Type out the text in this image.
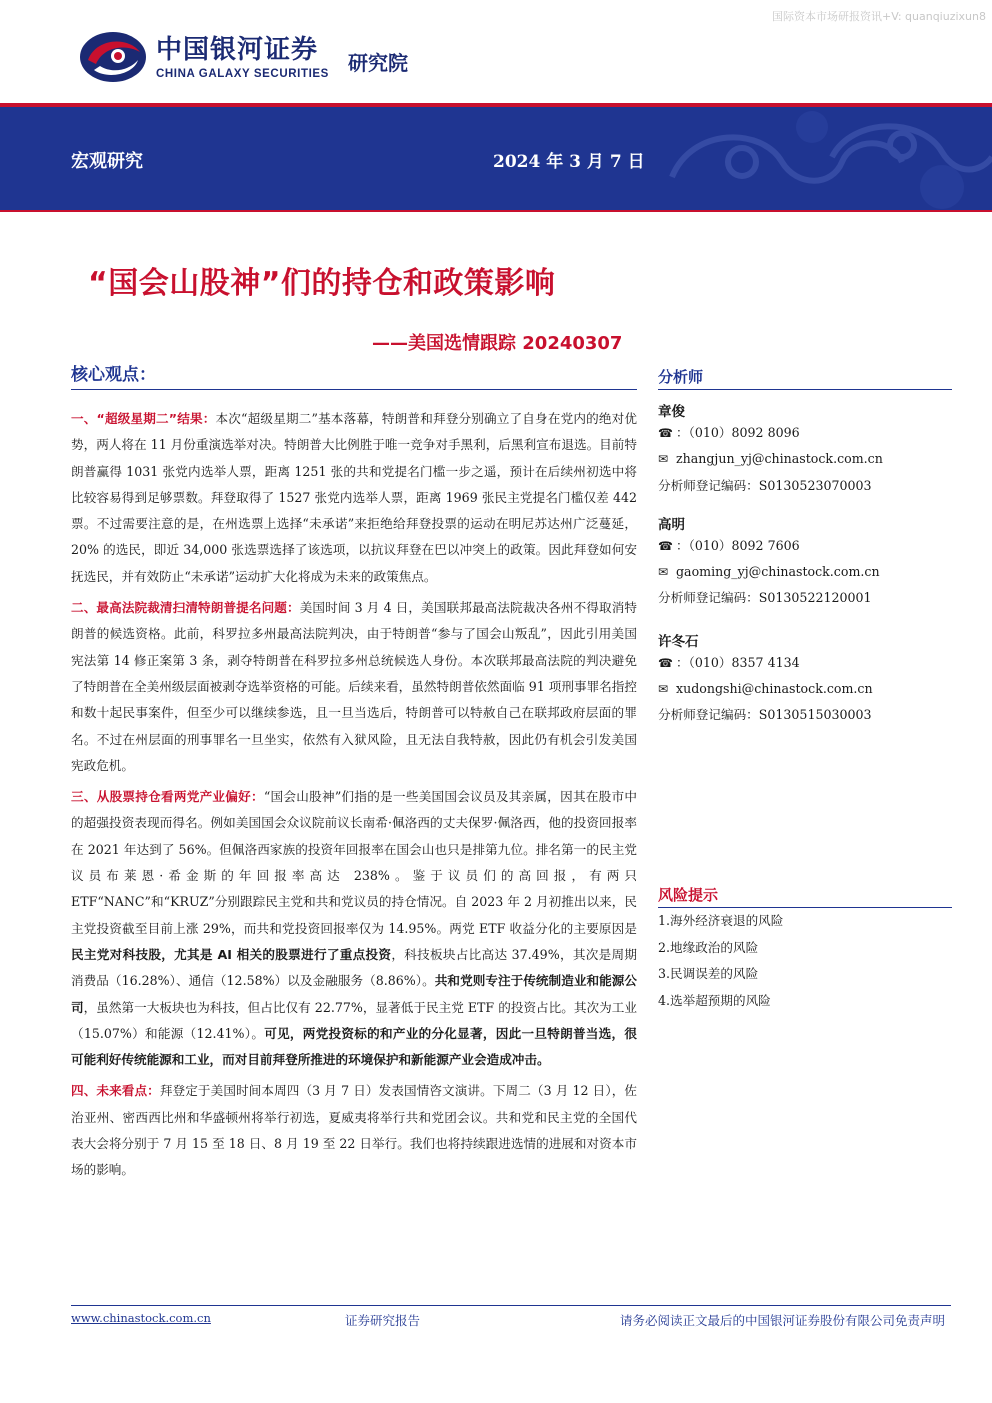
国际资本市场研报资讯+V: quanqiuzixun8
中国银河证券
CHINA GALAXY SECURITIES 研究院
宏观研究	2024 年 3 月 7 日
“国会山股神”们的持仓和政策影响
——美国选情跟踪 20240307
核心观点：

一、“超级星期二”结果：本次“超级星期二”基本落幕，特朗普和拜登分别确立了自身在党内的绝对优势，两人将在 11 月份重演选举对决。特朗普大比例胜于唯一竞争对手黑利，后黑利宣布退选。目前特朗普赢得 1031 张党内选举人票，距离 1251 张的共和党提名门槛一步之遥，预计在后续州初选中将比较容易得到足够票数。拜登取得了 1527 张党内选举人票，距离 1969 张民主党提名门槛仅差 442 票。不过需要注意的是，在州选票上选择“未承诺”来拒绝给拜登投票的运动在明尼苏达州广泛蔓延，20% 的选民，即近 34,000 张选票选择了该选项，以抗议拜登在巴以冲突上的政策。因此拜登如何安抚选民，并有效防止“未承诺”运动扩大化将成为未来的政策焦点。

二、最高法院裁清扫清特朗普提名问题：美国时间 3 月 4 日，美国联邦最高法院裁决各州不得取消特朗普的候选资格。此前，科罗拉多州最高法院判决，由于特朗普“参与了国会山叛乱”，因此引用美国宪法第 14 修正案第 3 条，剥夺特朗普在科罗拉多州总统候选人身份。本次联邦最高法院的判决避免了特朗普在全美州级层面被剥夺选举资格的可能。后续来看，虽然特朗普依然面临 91 项刑事罪名指控和数十起民事案件，但至少可以继续参选，且一旦当选后，特朗普可以特赦自己在联邦政府层面的罪名。不过在州层面的刑事罪名一旦坐实，依然有入狱风险，且无法自我特赦，因此仍有机会引发美国宪政危机。

三、从股票持仓看两党产业偏好：“国会山股神”们指的是一些美国国会议员及其亲属，因其在股市中的超强投资表现而得名。例如美国国会众议院前议长南希·佩洛西的丈夫保罗·佩洛西，他的投资回报率在 2021 年达到了 56%。但佩洛西家族的投资年回报率在国会山也只是排第九位。排名第一的民主党议员布莱恩·希金斯的年回报率高达 238%。鉴于议员们的高回报，有两只 ETF“NANC”和“KRUZ”分别跟踪民主党和共和党议员的持仓情况。自 2023 年 2 月初推出以来，民主党投资截至目前上涨 29%，而共和党投资回报率仅为 14.95%。两党 ETF 收益分化的主要原因是民主党对科技股，尤其是 AI 相关的股票进行了重点投资，科技板块占比高达 37.49%，其次是周期消费品（16.28%）、通信（12.58%）以及金融服务（8.86%）。共和党则专注于传统制造业和能源公司，虽然第一大板块也为科技，但占比仅有 22.77%，显著低于民主党 ETF 的投资占比。其次为工业（15.07%）和能源（12.41%）。可见，两党投资标的和产业的分化显著，因此一旦特朗普当选，很可能利好传统能源和工业，而对目前拜登所推进的环境保护和新能源产业会造成冲击。

四、未来看点：拜登定于美国时间本周四（3 月 7 日）发表国情咨文演讲。下周二（3 月 12 日），佐治亚州、密西西比州和华盛顿州将举行初选，夏威夷将举行共和党团会议。共和党和民主党的全国代表大会将分别于 7 月 15 至 18 日、8 月 19 至 22 日举行。我们也将持续跟进选情的进展和对资本市场的影响。

分析师
章俊
☎ ：（010）8092 8096
✉ zhangjun_yj@chinastock.com.cn
分析师登记编码：S0130523070003
高明
☎ ：（010）8092 7606
✉ gaoming_yj@chinastock.com.cn
分析师登记编码：S0130522120001
许冬石
☎ ：（010）8357 4134
✉ xudongshi@chinastock.com.cn
分析师登记编码：S0130515030003
风险提示
1.海外经济衰退的风险
2.地缘政治的风险
3.民调误差的风险
4.选举超预期的风险
www.chinastock.com.cn	证券研究报告	请务必阅读正文最后的中国银河证券股份有限公司免责声明
